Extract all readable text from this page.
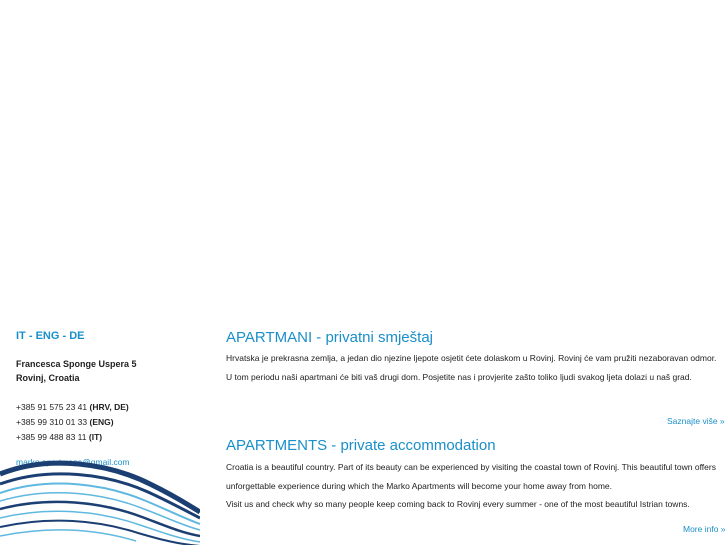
IT - ENG - DE
Francesca Sponge Uspera 5
Rovinj, Croatia
+385 91 575 23 41 (HRV, DE)
+385 99 310 01 33 (ENG)
+385 99 488 83 11 (IT)
marko.apartmans@gmail.com
APARTMANI - privatni smještaj
Hrvatska je prekrasna zemlja, a jedan dio njezine ljepote osjetit ćete dolaskom u Rovinj. Rovinj će vam pružiti nezaboravan odmor. U tom periodu naši apartmani će biti vaš drugi dom. Posjetite nas i provjerite zašto toliko ljudi svakog ljeta dolazi u naš grad.
Saznajte više »
APARTMENTS - private accommodation
Croatia is a beautiful country. Part of its beauty can be experienced by visiting the coastal town of Rovinj. This beautiful town offers unforgettable experience during which the Marko Apartments will become your home away from home.
Visit us and check why so many people keep coming back to Rovinj every summer - one of the most beautiful Istrian towns.
More info »
